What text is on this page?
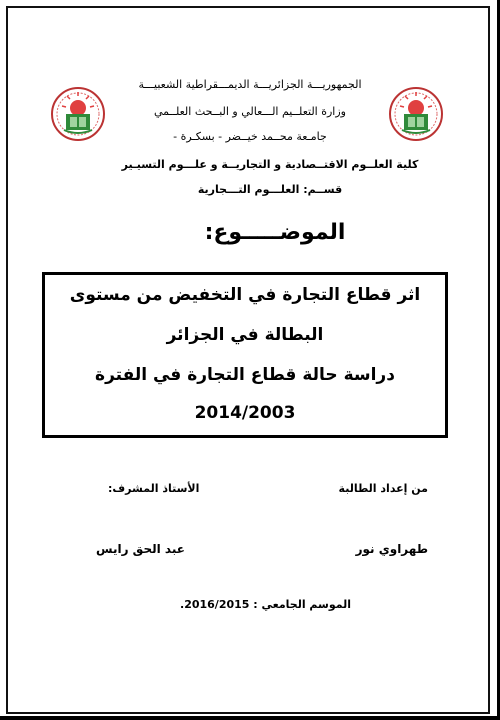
الجمهوريـــة الجزائريـــة الديمـــقراطية الشعبيـــة
وزارة التعلــيم الـــعالي و البــحث العلــمي
جامـعة محــمد خيــضر - بسكـرة -
كلية العلــوم الاقتــصادية و التجاريــة و علـــوم التسيـير
قســم: العلـــوم التـــجارية
الموضـــــوع:
اثر قطاع التجارة في التخفيض من مستوى
البطالة في الجزائر
دراسة حالة قطاع التجارة في الفترة
2014/2003
من إعداد الطالبة
الأستاذ المشرف:
طهراوي نور
عبد الحق رايس
الموسم الجامعي : 2016/2015.
